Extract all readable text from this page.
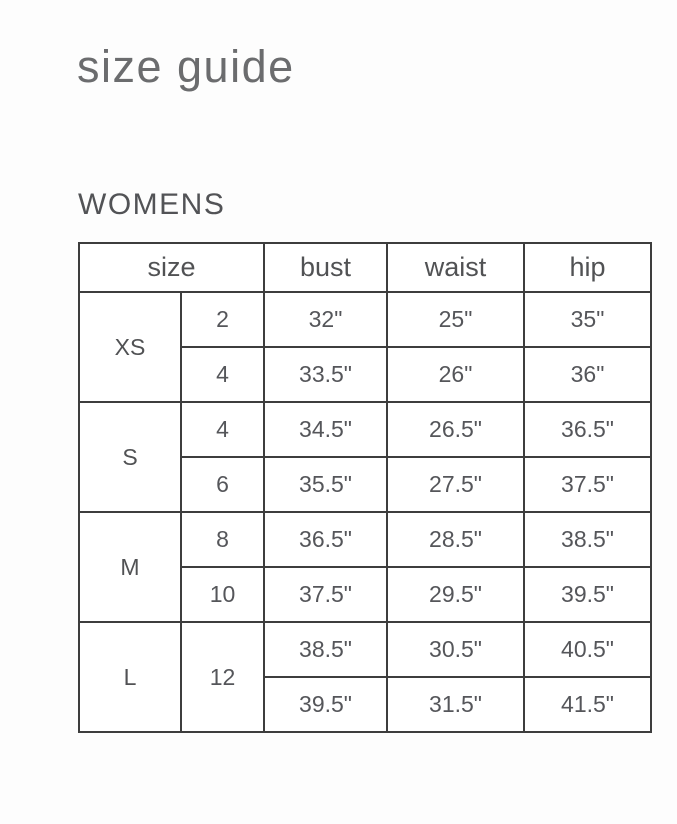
size guide
WOMENS
size		bust	waist	hip
XS	2	32"	25"	35"
	4	33.5"	26"	36"
S	4	34.5"	26.5"	36.5"
	6	35.5"	27.5"	37.5"
M	8	36.5"	28.5"	38.5"
	10	37.5"	29.5"	39.5"
L	12	38.5"	30.5"	40.5"
		39.5"	31.5"	41.5"
